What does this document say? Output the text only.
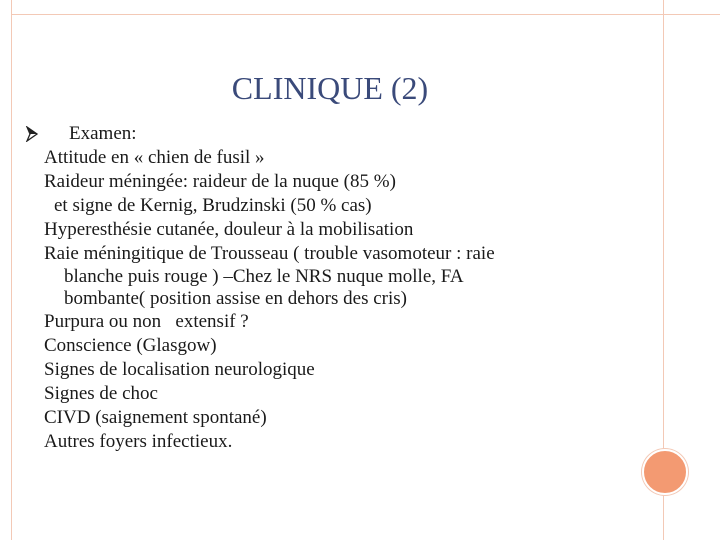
CLINIQUE (2)
Examen:
Attitude en « chien de fusil »
Raideur méningée: raideur de la nuque (85 %)
et signe de Kernig, Brudzinski (50 % cas)
Hyperesthésie cutanée, douleur à la mobilisation
Raie méningitique de Trousseau ( trouble vasomoteur : raie
blanche puis rouge ) –Chez le NRS nuque molle, FA
bombante( position assise en dehors des cris)
Purpura ou non   extensif ?
Conscience (Glasgow)
Signes de localisation neurologique
Signes de choc
CIVD (saignement spontané)
Autres foyers infectieux.
